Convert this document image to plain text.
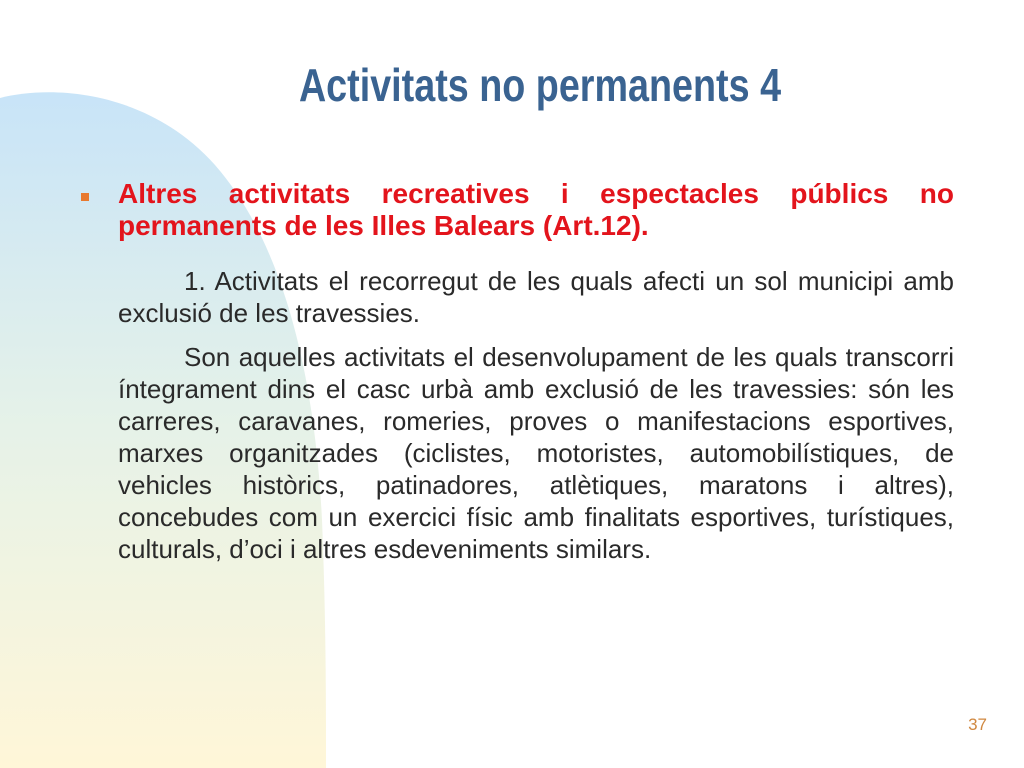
Activitats no permanents 4

Altres activitats recreatives i espectacles públics no permanents de les Illes Balears (Art.12).

1. Activitats el recorregut de les quals afecti un sol municipi amb exclusió de les travessies.

Son aquelles activitats el desenvolupament de les quals transcorri íntegrament dins el casc urbà amb exclusió de les travessies: són les carreres, caravanes, romeries, proves o manifestacions esportives, marxes organitzades (ciclistes, motoristes, automobilístiques, de vehicles històrics, patinadores, atlètiques, maratons i altres), concebudes com un exercici físic amb finalitats esportives, turístiques, culturals, d’oci i altres esdeveniments similars.

37
